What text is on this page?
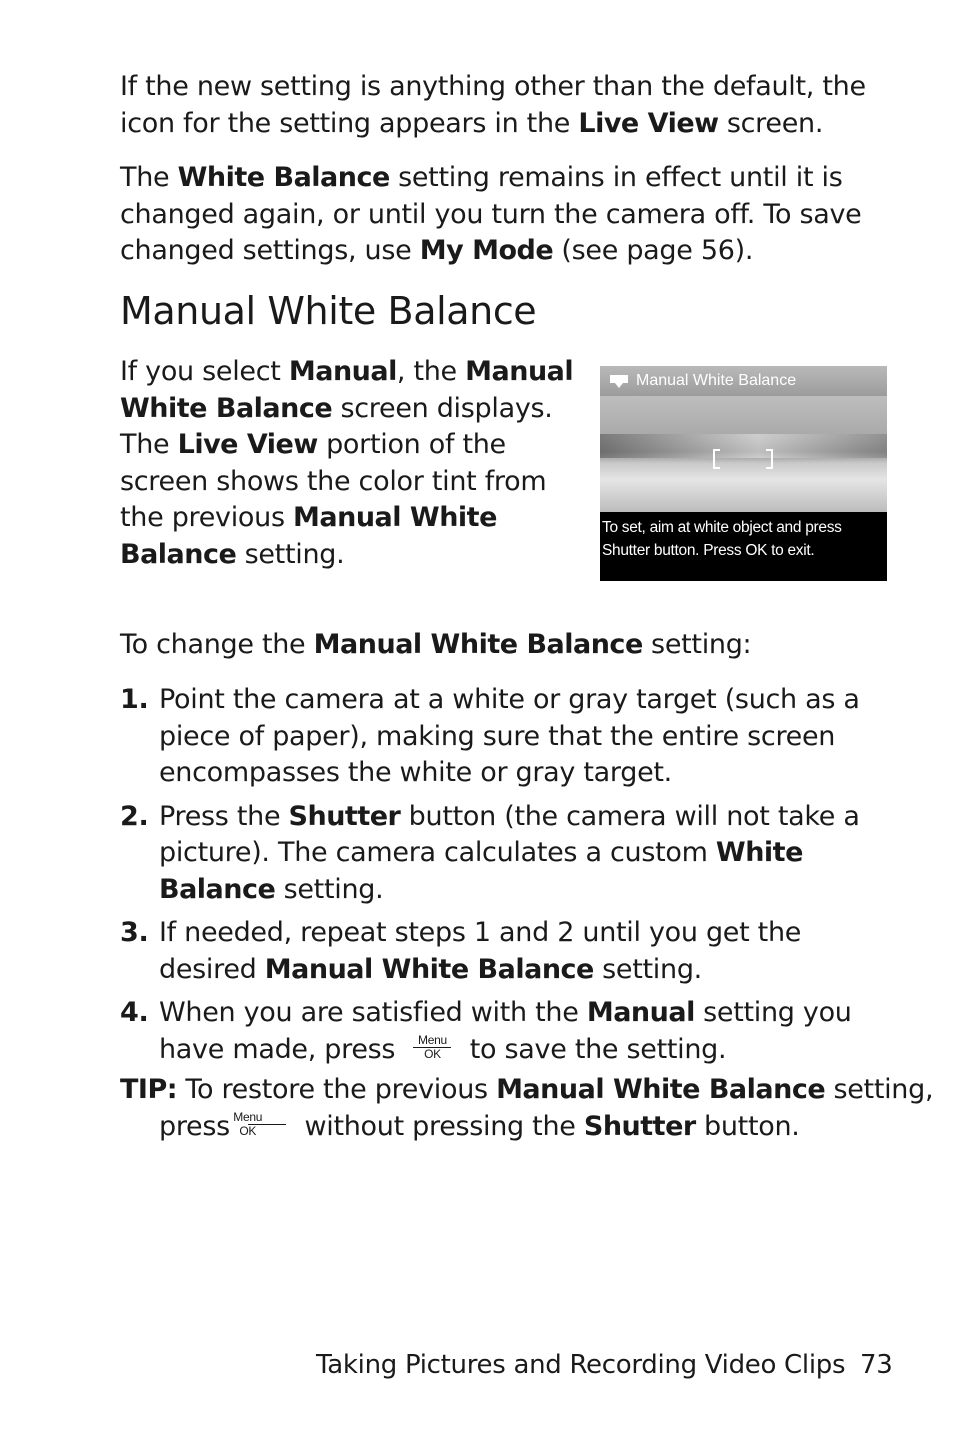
If the new setting is anything other than the default, the icon for the setting appears in the Live View screen.

The White Balance setting remains in effect until it is changed again, or until you turn the camera off. To save changed settings, use My Mode (see page 56).

Manual White Balance

If you select Manual, the Manual White Balance screen displays. The Live View portion of the screen shows the color tint from the previous Manual White Balance setting.

Manual White Balance
To set, aim at white object and press
Shutter button. Press OK to exit.

To change the Manual White Balance setting:

1. Point the camera at a white or gray target (such as a piece of paper), making sure that the entire screen encompasses the white or gray target.
2. Press the Shutter button (the camera will not take a picture). The camera calculates a custom White Balance setting.
3. If needed, repeat steps 1 and 2 until you get the desired Manual White Balance setting.
4. When you are satisfied with the Manual setting you have made, press	Menu
OK to save the setting.

TIP: To restore the previous Manual White Balance setting, press
Menu
OK	without pressing the Shutter button.

Taking Pictures and Recording Video Clips 73
